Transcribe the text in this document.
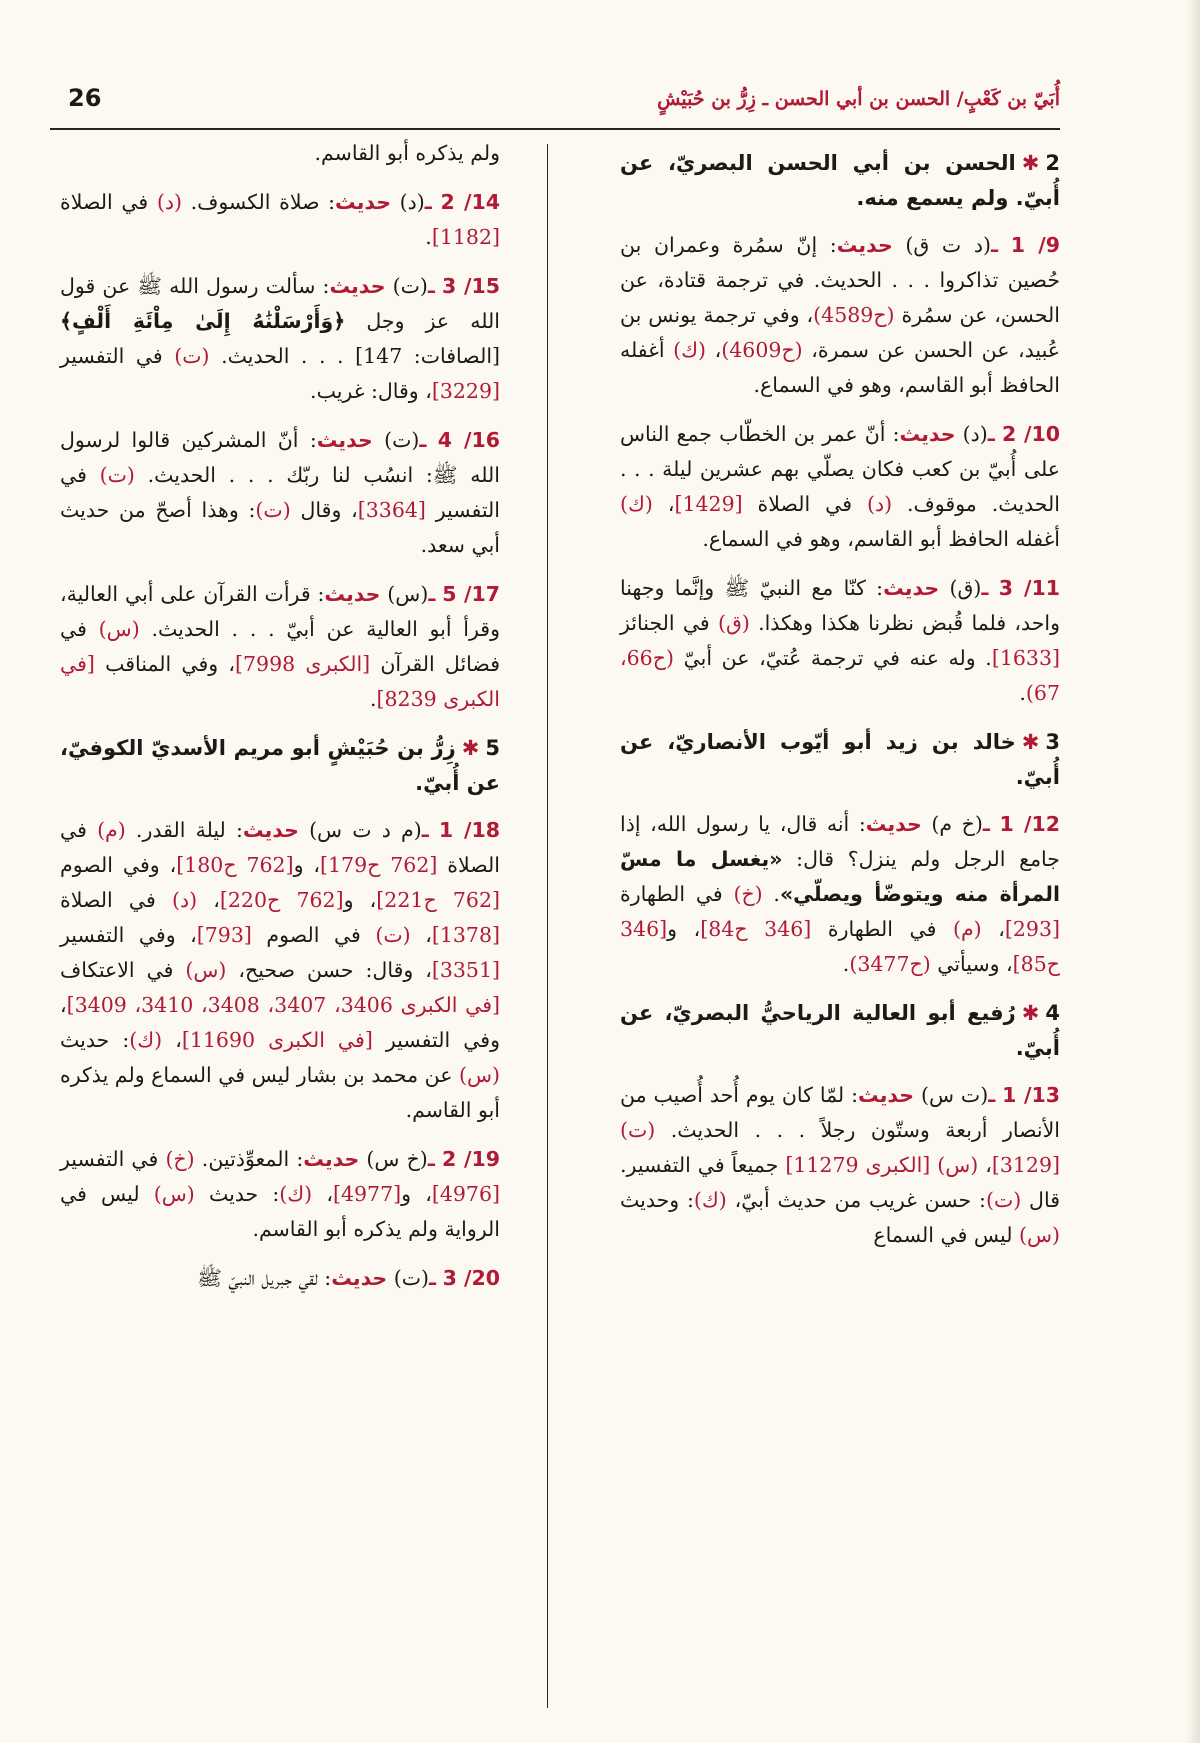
26	أُبَيّ بن كَعْبٍ/ الحسن بن أبي الحسن ـ زِرُّ بن حُبَيْشٍ
2✱الحسن بن أبي الحسن البصريّ، عن أُبيّ. ولم يسمع منه.

9/ 1 ـ(د ت ق) حديث: إنّ سمُرة وعمران بن حُصين تذاكروا . . . الحديث. في ترجمة قتادة، عن الحسن، عن سمُرة (ح4589)، وفي ترجمة يونس بن عُبيد، عن الحسن عن سمرة، (ح4609)، (ك) أغفله الحافظ أبو القاسم، وهو في السماع.

10/ 2 ـ(د) حديث: أنّ عمر بن الخطّاب جمع الناس على أُبيّ بن كعب فكان يصلّي بهم عشرين ليلة . . . الحديث. موقوف. (د) في الصلاة [1429]، (ك) أغفله الحافظ أبو القاسم، وهو في السماع.

11/ 3 ـ(ق) حديث: كنّا مع النبيّ ﷺ وإنَّما وجهنا واحد، فلما قُبض نظرنا هكذا وهكذا. (ق) في الجنائز [1633]. وله عنه في ترجمة عُتيّ، عن أبيّ (ح66، 67).

3✱خالد بن زيد أبو أيّوب الأنصاريّ، عن أُبيّ.

12/ 1 ـ(خ م) حديث: أنه قال، يا رسول الله، إذا جامع الرجل ولم ينزل؟ قال: «يغسل ما مسّ المرأة منه ويتوضّأ ويصلّي». (خ) في الطهارة [293]، (م) في الطهارة [346 ح84]، و[346 ح85]، وسيأتي (ح3477).

4✱رُفيع أبو العالية الرياحيُّ البصريّ، عن أُبيّ.

13/ 1 ـ(ت س) حديث: لمّا كان يوم أُحد أُصيب من الأنصار أربعة وستّون رجلاً . . . الحديث. (ت) [3129]، (س) [الكبرى 11279] جميعاً في التفسير. قال (ت): حسن غريب من حديث أبيّ، (ك): وحديث (س) ليس في السماع

ولم يذكره أبو القاسم.

14/ 2 ـ(د) حديث: صلاة الكسوف. (د) في الصلاة [1182].

15/ 3 ـ(ت) حديث: سألت رسول الله ﷺ عن قول الله عز وجل ﴿وَأَرْسَلْنَٰهُ إِلَىٰ مِاْئَةِ أَلْفٍ﴾ [الصافات: 147] . . . الحديث. (ت) في التفسير [3229]، وقال: غريب.

16/ 4 ـ(ت) حديث: أنّ المشركين قالوا لرسول الله ﷺ: انسُب لنا ربّك . . . الحديث. (ت) في التفسير [3364]، وقال (ت): وهذا أصحّ من حديث أبي سعد.

17/ 5 ـ(س) حديث: قرأت القرآن على أبي العالية، وقرأ أبو العالية عن أبيّ . . . الحديث. (س) في فضائل القرآن [الكبرى 7998]، وفي المناقب [في الكبرى 8239].

5✱زِرُّ بن حُبَيْشٍ أبو مريم الأسديّ الكوفيّ، عن أُبيّ.

18/ 1 ـ(م د ت س) حديث: ليلة القدر. (م) في الصلاة [762 ح179]، و[762 ح180]، وفي الصوم [762 ح221]، و[762 ح220]، (د) في الصلاة [1378]، (ت) في الصوم [793]، وفي التفسير [3351]، وقال: حسن صحيح، (س) في الاعتكاف [في الكبرى 3406، 3407، 3408، 3410، 3409]، وفي التفسير [في الكبرى 11690]، (ك): حديث (س) عن محمد بن بشار ليس في السماع ولم يذكره أبو القاسم.

19/ 2 ـ(خ س) حديث: المعوِّذتين. (خ) في التفسير [4976]، و[4977]، (ك): حديث (س) ليس في الرواية ولم يذكره أبو القاسم.

20/ 3 ـ(ت) حديث: لقي جبريل النبيّ ﷺ
